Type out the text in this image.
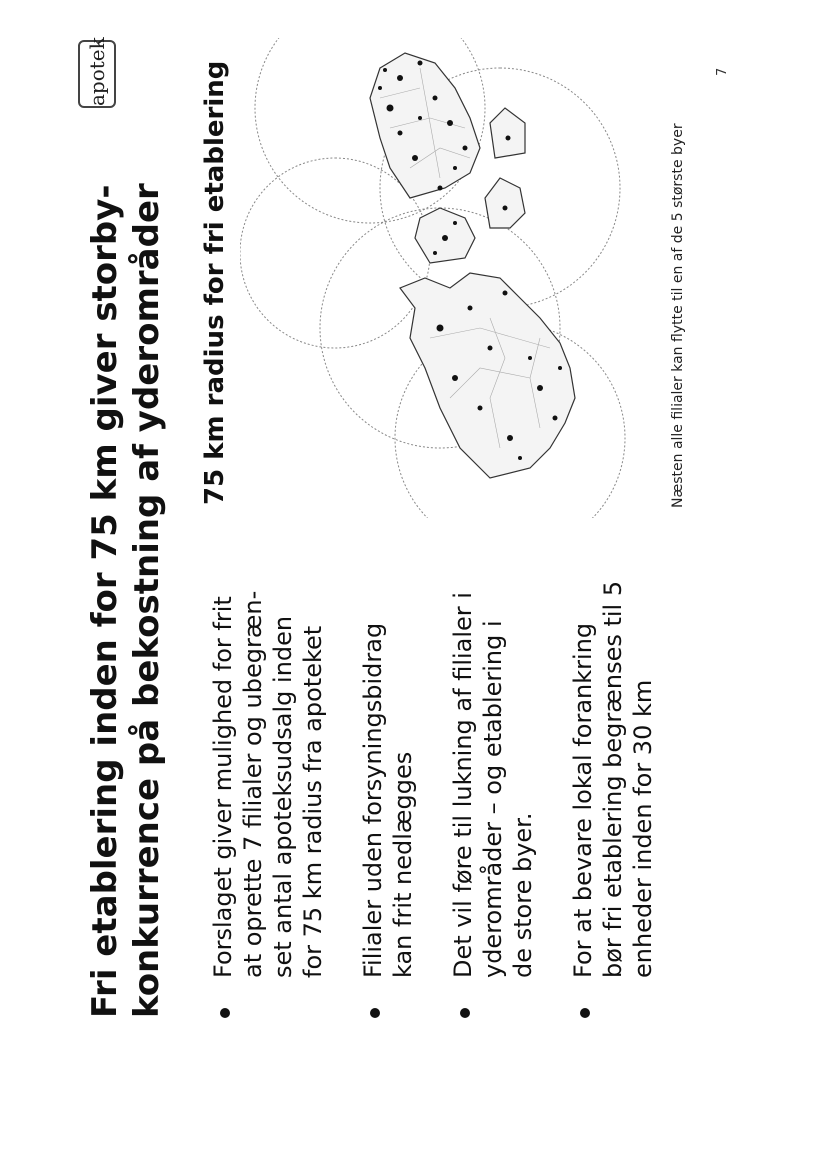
Fri etablering inden for 75 km giver storby- konkurrence på bekostning af yderområder
apotek
Forslaget giver mulighed for frit at oprette 7 filialer og ubegræn- set antal apoteksudsalg inden for 75 km radius fra apoteket Filialer uden forsyningsbidrag kan frit nedlægges Det vil føre til lukning af filialer i yderområder – og etablering i de store byer. For at bevare lokal forankring bør fri etablering begrænses til 5 enheder inden for 30 km
75 km radius for fri etablering	Næsten alle filialer kan flytte til en af de 5 største byer
7
